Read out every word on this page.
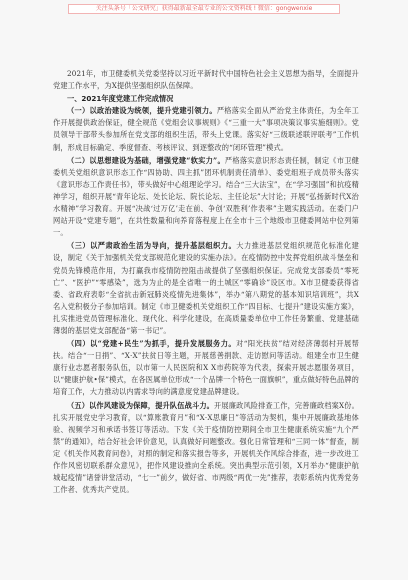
关注头条号「公文研究」获得最新最全最专业的公文资料线 ! 微信：gongwenxie

2021年，市卫健委机关党委坚持以习近平新时代中国特色社会主义思想为指导，全面提升党建工作水平，为X提供坚强组织队伍保障。

一、2021年度党建工作完成情况

（一）以政治建设为统领，提升党建引领力。严格落实全面从严治党主体责任，为全年工作开展提供政治保证，健全规范《党组会议事规则》《“三重一大”事项决策议事实施细则》。党员领导干部带头参加所在党支部的组织生活，带头上党课。落实好“三级联述联评联考”工作机制，形成目标确定、季度督查、考核评议、到逐整改的“闭环管理”模式。

（二）以思想建设为基础，增强党建“软实力”。严格落实意识形态责任制，制定《市卫健委机关党组织意识形态工作“四协助、四主抓”团环机制责任清单》、委党组班子成员带头落实《意识形态工作责任书》，带头做好中心组理论学习。结合“三大法宝”，在“学习强国”和抗疫精神学习，组织开展“青年论坛、处长论坛、院长论坛、主任论坛”大讨论；开展“弘扬新时代X治水精神”学习教育。开展“决战‘过万亿’走在前、争创‘双胜利’作表率”主题实践活动。在委门户网站开设“党建专题”，在共性数量和向养育落程度上在全市十三个地级市卫健委网站中位列第一。

（三）以严肃政治生活为导向，提升基层组织力。大力推进基层党组织规范化标准化建设，制定《关于加强机关党支部规范化建设的实施办法》。在疫情防控中发挥党组织战斗堡垒和党员先锋模范作用，为打赢我市疫情防控阻击战提供了坚强组织保证。完成党支部委员“零死亡”、“医护”“零感染”，选为为止的是全省唯一的土城区“零确诊”设区市。X市卫健委获得省委、省政府表彰“全省抗击新冠肺炎疫情先进集体”，举办“第八期党的基本知识培训班”，共X名入党积极分子参加培训。制定《市卫健委机关党组织工作“四目标、七提升”建设实施方案》，扎实推进党员管理标准化、现代化、科学化建设，在高质量委单位中工作任务繁重、党建基础薄弱的基层党支部配备“第一书记”。

（四）以“党建+民生”为抓手，提升发展服务力。对“阳光扶贫”结对经济薄弱村开展帮扶。结合“一日捐”、“X·X”扶贫日等主题，开展慈善捐款、走访慰问等活动。组建全市卫生健康行业志愿者服务队伍，以市第一人民医院和X X市药院等为代表，探索开展志愿服务项目，以“健康护航•保”模式，在各医属单位形成“一个品牌一个特色一面旗帜”，重点做好特色品牌的培育工作，大力推动以内需求导向的满意度党建品牌建设。

（五）以作风建设为保障，提升队伍战斗力。开展廉政风险排查工作，完善廉政档案X份。扎实开展党史学习教育，以“算账教育月”和“X·X思廉日”等活动为契机，集中开展廉政基地体验、视频学习和承诺书签订等活动。下发《关于疫情防控期间全市卫生健康系统实施“九个严禁”的通知》，结合好社会评价意见，认真做好问题整改。强化日常管理和“三同一体”督查，制定《机关作风教育问卷》，对照的制定和落实报告等多，开展机关作风综合排查，进一步改进工作作风密切联系群众意见》，把作风建设推向全系统。突出典型示范引领，X月举办“健康护航城起疫情”诸誉讲堂活动，“七一”前夕，做好省、市两级“两优一先”推荐，表彰系统内优秀党务工作者、优秀共产党员。
